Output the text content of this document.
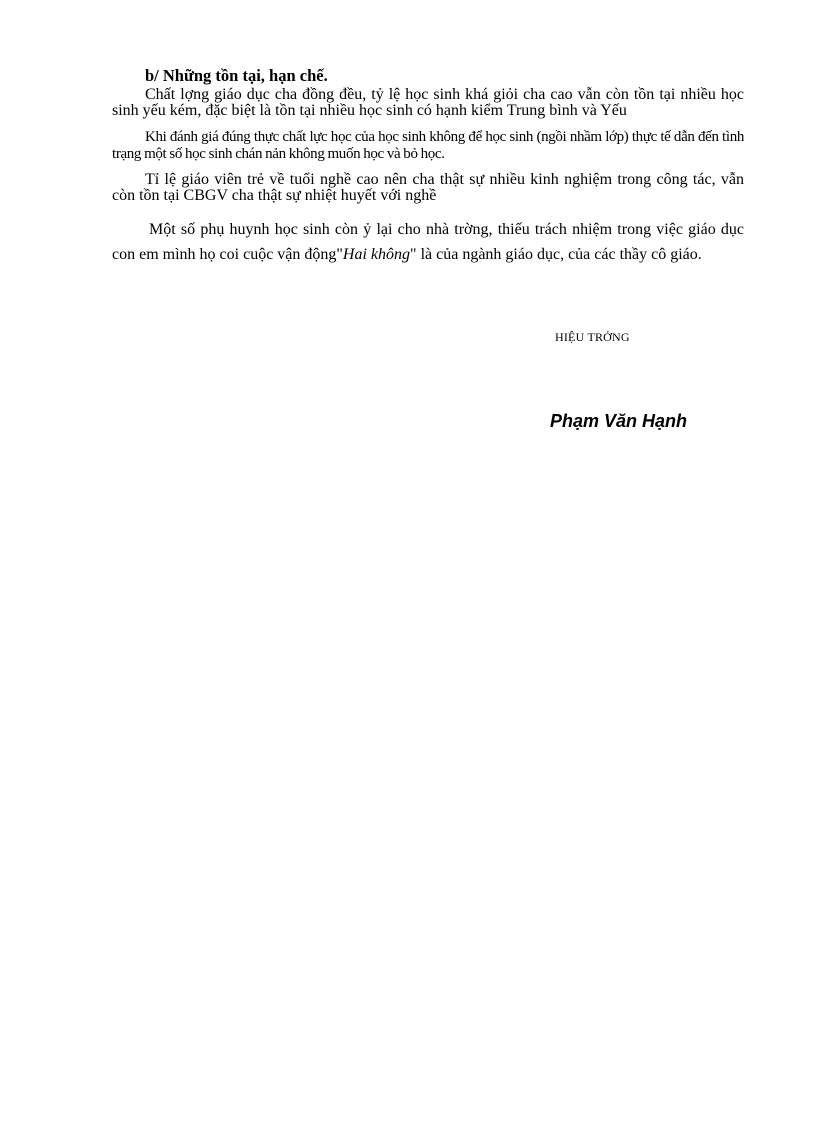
b/ Những tồn tại, hạn chế.

Chất lợng giáo dục cha đồng đều, tỷ lệ học sinh khá giỏi cha cao vẫn còn tồn tại nhiều học sinh yếu kém, đặc biệt là tồn tại nhiều học sinh có hạnh kiểm Trung bình và Yếu

Khi đánh giá đúng thực chất lực học của học sinh không để học sinh (ngồi nhầm lớp) thực tế dẫn đến tình trạng một số học sinh chán nản không muốn học và bỏ học.

Tỉ lệ giáo viên trẻ về tuổi nghề cao nên cha thật sự nhiều kinh nghiệm trong công tác, vẫn còn tồn tại CBGV cha thật sự nhiệt huyết với nghề

Một số phụ huynh học sinh còn ỷ lại cho nhà trờng, thiếu trách nhiệm trong việc giáo dục con em mình họ coi cuộc vận động"Hai không" là của ngành giáo dục, của các thầy cô giáo.

HIỆU TRỞNG

Phạm Văn Hạnh
